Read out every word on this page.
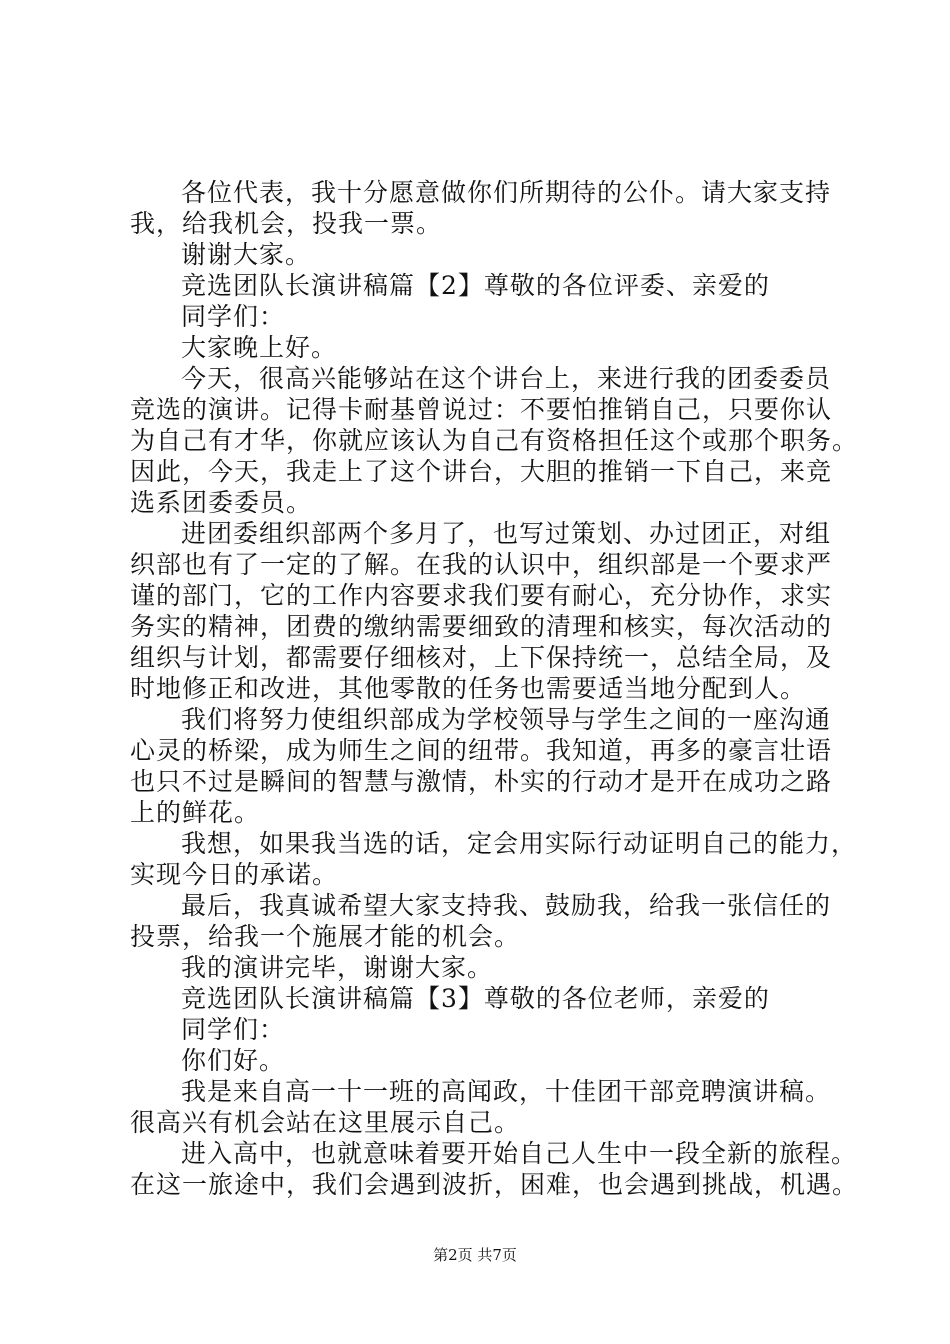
各位代表，我十分愿意做你们所期待的公仆。请大家支持
我，给我机会，投我一票。
谢谢大家。
竞选团队长演讲稿篇【2】尊敬的各位评委、亲爱的
同学们：
大家晚上好。
今天，很高兴能够站在这个讲台上，来进行我的团委委员
竞选的演讲。记得卡耐基曾说过：不要怕推销自己，只要你认
为自己有才华，你就应该认为自己有资格担任这个或那个职务。
因此，今天，我走上了这个讲台，大胆的推销一下自己，来竞
选系团委委员。
进团委组织部两个多月了，也写过策划、办过团正，对组
织部也有了一定的了解。在我的认识中，组织部是一个要求严
谨的部门，它的工作内容要求我们要有耐心，充分协作，求实
务实的精神，团费的缴纳需要细致的清理和核实，每次活动的
组织与计划，都需要仔细核对，上下保持统一，总结全局，及
时地修正和改进，其他零散的任务也需要适当地分配到人。
我们将努力使组织部成为学校领导与学生之间的一座沟通
心灵的桥梁，成为师生之间的纽带。我知道，再多的豪言壮语
也只不过是瞬间的智慧与激情，朴实的行动才是开在成功之路
上的鲜花。
我想，如果我当选的话，定会用实际行动证明自己的能力，
实现今日的承诺。
最后，我真诚希望大家支持我、鼓励我，给我一张信任的
投票，给我一个施展才能的机会。
我的演讲完毕，谢谢大家。
竞选团队长演讲稿篇【3】尊敬的各位老师，亲爱的
同学们：
你们好。
我是来自高一十一班的高闻政，十佳团干部竞聘演讲稿。
很高兴有机会站在这里展示自己。
进入高中，也就意味着要开始自己人生中一段全新的旅程。
在这一旅途中，我们会遇到波折，困难，也会遇到挑战，机遇。
第2页 共7页
